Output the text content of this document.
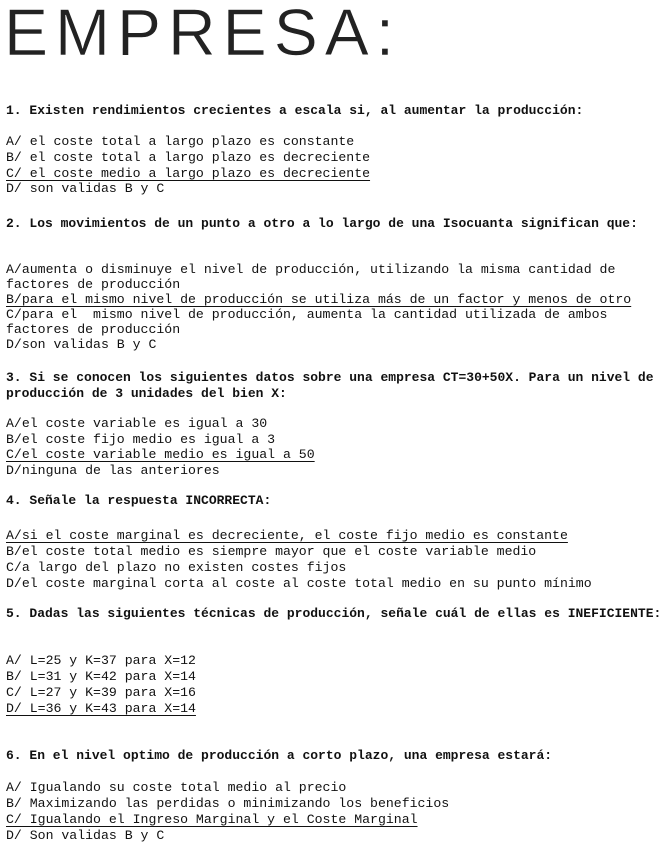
EMPRESA:
1. Existen rendimientos crecientes a escala si, al aumentar la producción:
A/ el coste total a largo plazo es constante
B/ el coste total a largo plazo es decreciente
C/ el coste medio a largo plazo es decreciente
D/ son validas B y C
2. Los movimientos de un punto a otro a lo largo de una Isocuanta significan que:
A/aumenta o disminuye el nivel de producción, utilizando la misma cantidad de
factores de producción
B/para el mismo nivel de producción se utiliza más de un factor y menos de otro
C/para el  mismo nivel de producción, aumenta la cantidad utilizada de ambos
factores de producción
D/son validas B y C
3. Si se conocen los siguientes datos sobre una empresa CT=30+50X. Para un nivel de producción de 3 unidades del bien X:
A/el coste variable es igual a 30
B/el coste fijo medio es igual a 3
C/el coste variable medio es igual a 50
D/ninguna de las anteriores
4. Señale la respuesta INCORRECTA:
A/si el coste marginal es decreciente, el coste fijo medio es constante
B/el coste total medio es siempre mayor que el coste variable medio
C/a largo del plazo no existen costes fijos
D/el coste marginal corta al coste al coste total medio en su punto mínimo
5. Dadas las siguientes técnicas de producción, señale cuál de ellas es INEFICIENTE:
A/ L=25 y K=37 para X=12
B/ L=31 y K=42 para X=14
C/ L=27 y K=39 para X=16
D/ L=36 y K=43 para X=14
6. En el nivel optimo de producción a corto plazo, una empresa estará:
A/ Igualando su coste total medio al precio
B/ Maximizando las perdidas o minimizando los beneficios
C/ Igualando el Ingreso Marginal y el Coste Marginal
D/ Son validas B y C
